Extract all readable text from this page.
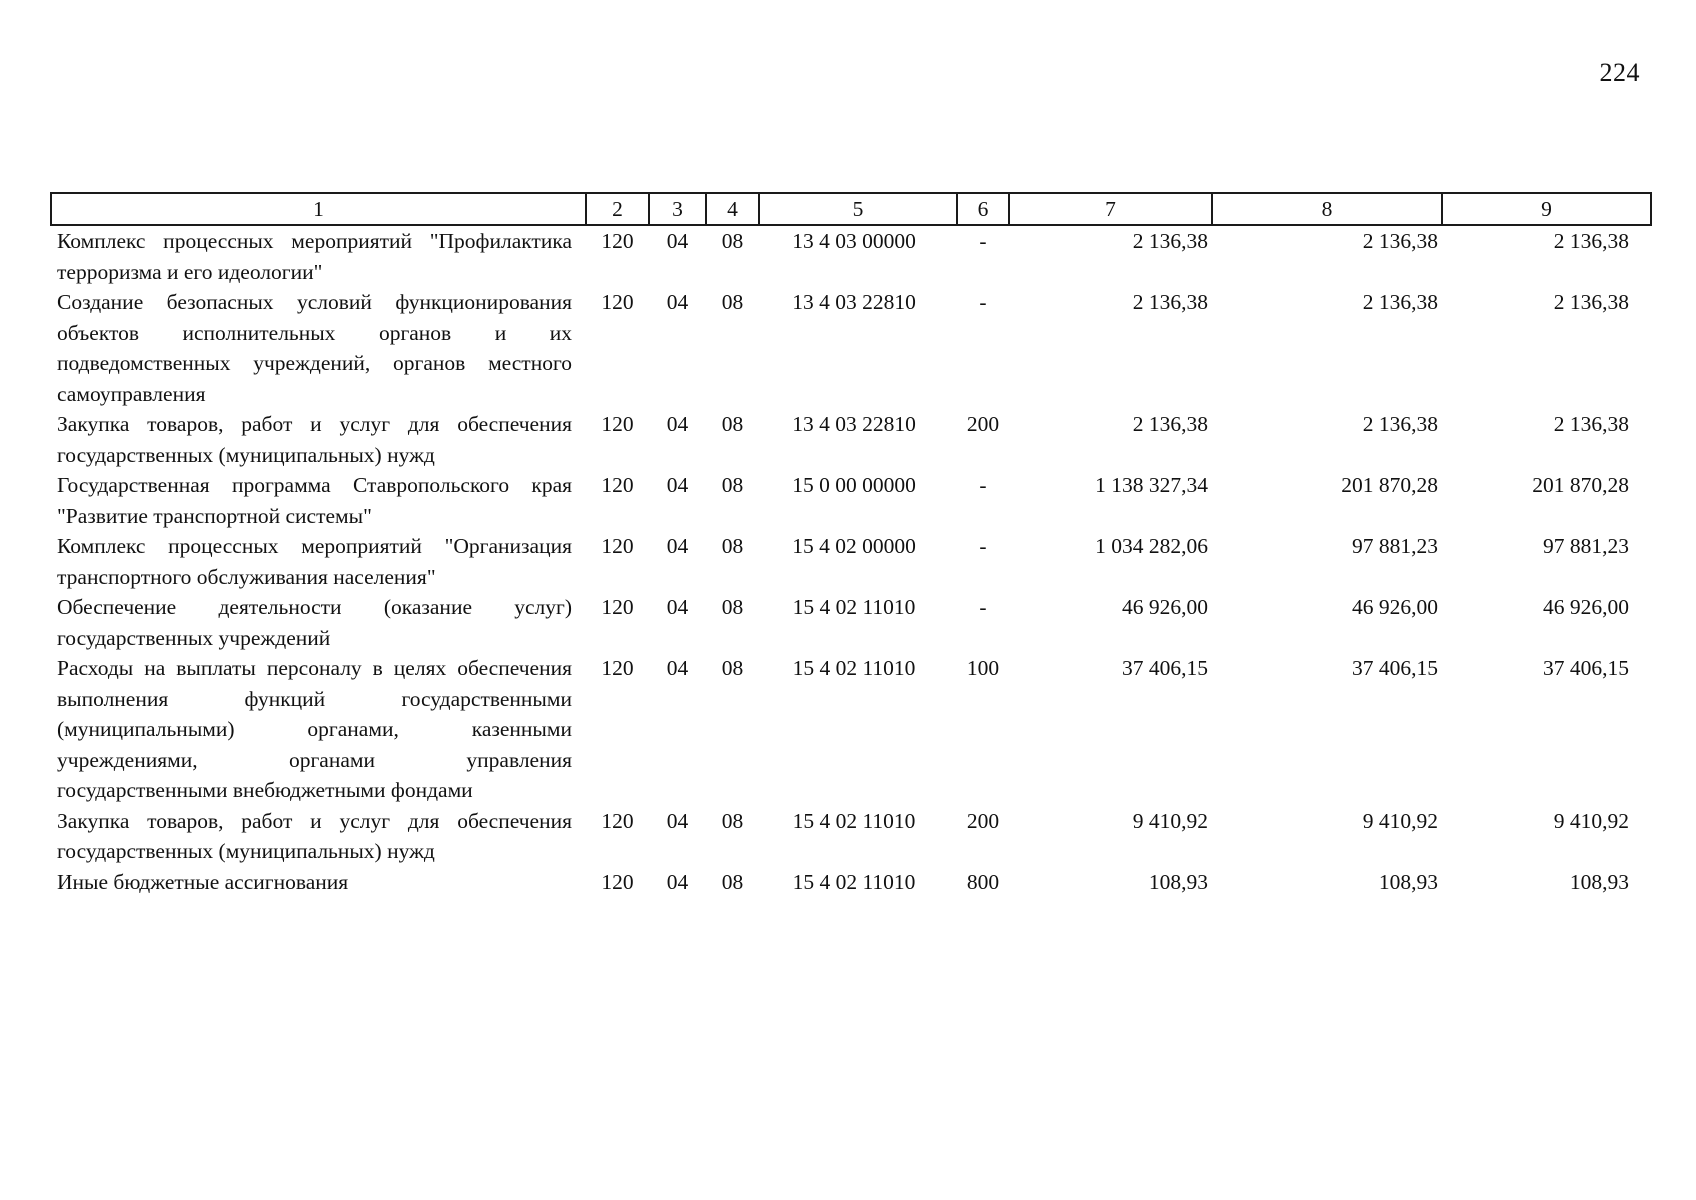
224
1	2	3	4	5	6	7	8	9
Комплекс процессных мероприятий "Профилактика терроризма и его идеологии"	120	04	08	13 4 03 00000	-	2 136,38	2 136,38	2 136,38
Создание безопасных условий функционирования объектов исполнительных органов и их подведомственных учреждений, органов местного самоуправления	120	04	08	13 4 03 22810	-	2 136,38	2 136,38	2 136,38
Закупка товаров, работ и услуг для обеспечения государственных (муниципальных) нужд	120	04	08	13 4 03 22810	200	2 136,38	2 136,38	2 136,38
Государственная программа Ставропольского края "Развитие транспортной системы"	120	04	08	15 0 00 00000	-	1 138 327,34	201 870,28	201 870,28
Комплекс процессных мероприятий "Организация транспортного обслуживания населения"	120	04	08	15 4 02 00000	-	1 034 282,06	97 881,23	97 881,23
Обеспечение деятельности (оказание услуг) государственных учреждений	120	04	08	15 4 02 11010	-	46 926,00	46 926,00	46 926,00
Расходы на выплаты персоналу в целях обеспечения выполнения функций государственными (муниципальными) органами, казенными учреждениями, органами управления государственными внебюджетными фондами	120	04	08	15 4 02 11010	100	37 406,15	37 406,15	37 406,15
Закупка товаров, работ и услуг для обеспечения государственных (муниципальных) нужд	120	04	08	15 4 02 11010	200	9 410,92	9 410,92	9 410,92
Иные бюджетные ассигнования	120	04	08	15 4 02 11010	800	108,93	108,93	108,93
